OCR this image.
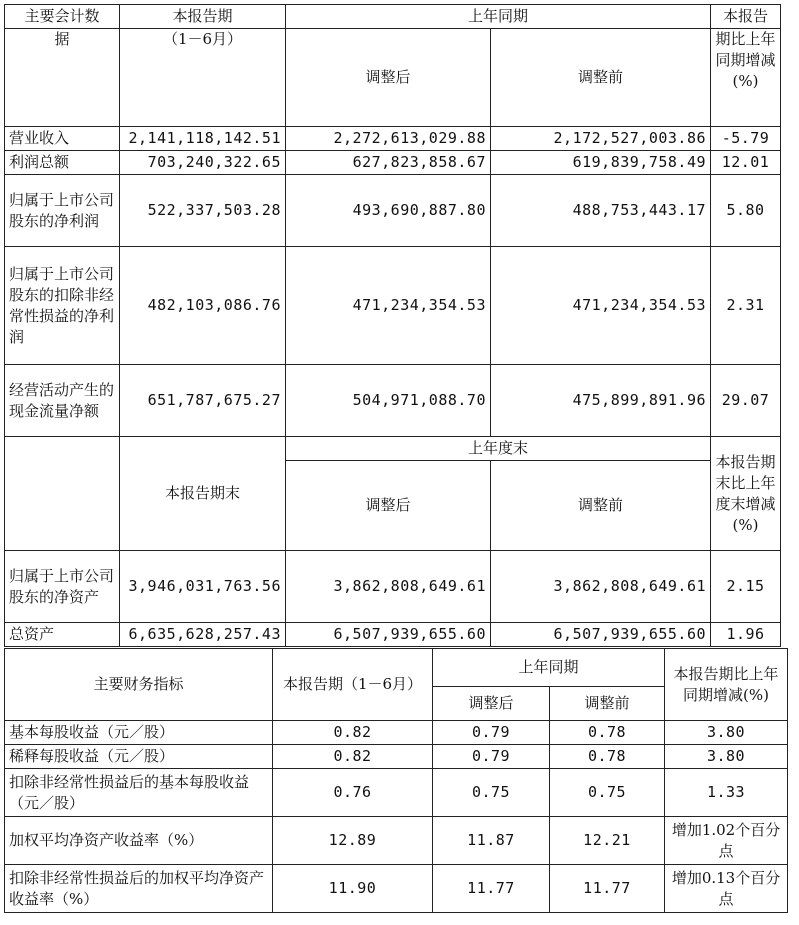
主要会计数	本报告期	上年同期		本报告
据	（1－6月）	调整后	调整前	期比上年同期增减(%)
营业收入	2,141,118,142.51	2,272,613,029.88	2,172,527,003.86	-5.79
利润总额	703,240,322.65	627,823,858.67	619,839,758.49	12.01
归属于上市公司股东的净利润	522,337,503.28	493,690,887.80	488,753,443.17	5.80
归属于上市公司股东的扣除非经常性损益的净利润	482,103,086.76	471,234,354.53	471,234,354.53	2.31
经营活动产生的现金流量净额	651,787,675.27	504,971,088.70	475,899,891.96	29.07
	本报告期末	上年度末		本报告期末比上年度末增减(%)
		调整后	调整前	
归属于上市公司股东的净资产	3,946,031,763.56	3,862,808,649.61	3,862,808,649.61	2.15
总资产	6,635,628,257.43	6,507,939,655.60	6,507,939,655.60	1.96
主要财务指标	本报告期（1－6月）	上年同期		本报告期比上年同期增减(%)
		调整后	调整前	
基本每股收益（元／股）	0.82	0.79	0.78	3.80
稀释每股收益（元／股）	0.82	0.79	0.78	3.80
扣除非经常性损益后的基本每股收益（元／股）	0.76	0.75	0.75	1.33
加权平均净资产收益率（%）	12.89	11.87	12.21	增加1.02个百分点
扣除非经常性损益后的加权平均净资产收益率（%）	11.90	11.77	11.77	增加0.13个百分点
